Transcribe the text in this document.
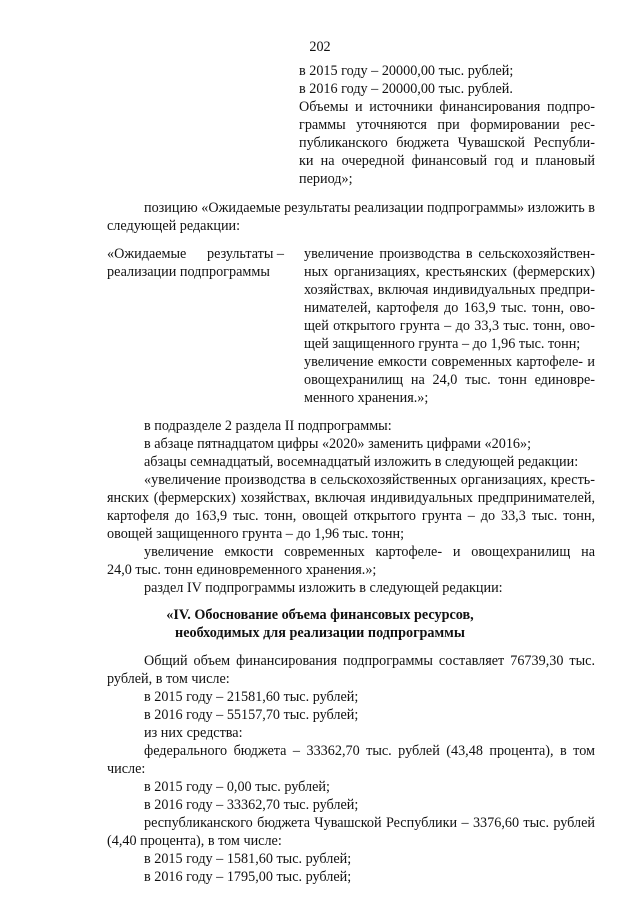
202

в 2015 году – 20000,00 тыс. рублей;

в 2016 году – 20000,00 тыс. рублей.

Объемы и источники финансирования подпро-

граммы уточняются при формировании рес-

публиканского бюджета Чувашской Республи-

ки на очередной финансовый год и плановый

период»;

позицию «Ожидаемые результаты реализации подпрограммы» изложить в

следующей редакции:

«Ожидаемые результаты –

реализации подпрограммы

увеличение производства в сельскохозяйствен-

ных организациях, крестьянских (фермерских)

хозяйствах, включая индивидуальных предпри-

нимателей, картофеля до 163,9 тыс. тонн, ово-

щей открытого грунта – до 33,3 тыс. тонн, ово-

щей защищенного грунта – до 1,96 тыс. тонн;

увеличение емкости современных картофеле- и

овощехранилищ на 24,0 тыс. тонн единовре-

менного хранения.»;

в подразделе 2 раздела II подпрограммы:

в абзаце пятнадцатом цифры «2020» заменить цифрами «2016»;

абзацы семнадцатый, восемнадцатый изложить в следующей редакции:

«увеличение производства в сельскохозяйственных организациях, кресть-

янских (фермерских) хозяйствах, включая индивидуальных предпринимателей,

картофеля до 163,9 тыс. тонн, овощей открытого грунта – до 33,3 тыс. тонн,

овощей защищенного грунта – до 1,96 тыс. тонн;

увеличение емкости современных картофеле- и овощехранилищ на

24,0 тыс. тонн единовременного хранения.»;

раздел IV подпрограммы изложить в следующей редакции:

«IV. Обоснование объема финансовых ресурсов,

необходимых для реализации подпрограммы

Общий объем финансирования подпрограммы составляет 76739,30 тыс.

рублей, в том числе:

в 2015 году – 21581,60 тыс. рублей;

в 2016 году – 55157,70 тыс. рублей;

из них средства:

федерального бюджета – 33362,70 тыс. рублей (43,48 процента), в том

числе:

в 2015 году – 0,00 тыс. рублей;

в 2016 году – 33362,70 тыс. рублей;

республиканского бюджета Чувашской Республики – 3376,60 тыс. рублей

(4,40 процента), в том числе:

в 2015 году – 1581,60 тыс. рублей;

в 2016 году – 1795,00 тыс. рублей;
